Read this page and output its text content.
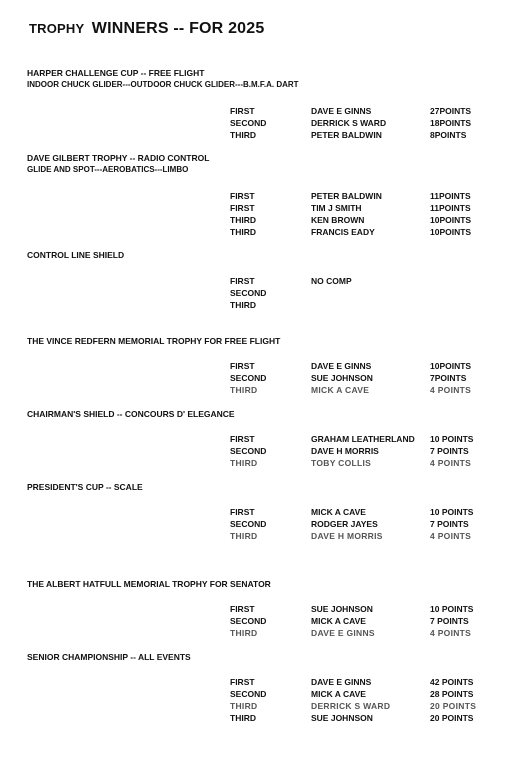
TROPHY WINNERS -- FOR 2025
HARPER CHALLENGE CUP -- FREE FLIGHT
INDOOR CHUCK GLIDER---OUTDOOR CHUCK GLIDER---B.M.F.A. DART
FIRST	DAVE E GINNS	27POINTS
SECOND	DERRICK S WARD	18POINTS
THIRD	PETER BALDWIN	8POINTS
DAVE GILBERT TROPHY -- RADIO CONTROL
GLIDE AND SPOT---AEROBATICS---LIMBO
FIRST	PETER BALDWIN	11POINTS
FIRST	TIM J SMITH	11POINTS
THIRD	KEN BROWN	10POINTS
THIRD	FRANCIS EADY	10POINTS
CONTROL LINE SHIELD
FIRST	NO COMP
SECOND
THIRD
THE VINCE REDFERN MEMORIAL TROPHY FOR FREE FLIGHT
FIRST	DAVE E GINNS	10POINTS
SECOND	SUE JOHNSON	7POINTS
THIRD	MICK A CAVE	4 POINTS
CHAIRMAN'S SHIELD -- CONCOURS D' ELEGANCE
FIRST	GRAHAM LEATHERLAND 10 POINTS
SECOND	DAVE H MORRIS	7 POINTS
THIRD	TOBY COLLIS	4 POINTS
PRESIDENT'S CUP -- SCALE
FIRST	MICK A CAVE	10 POINTS
SECOND	RODGER JAYES	7 POINTS
THIRD	DAVE H MORRIS	4 POINTS
THE ALBERT HATFULL MEMORIAL TROPHY FOR SENATOR
FIRST	SUE JOHNSON	10 POINTS
SECOND	MICK A CAVE	7 POINTS
THIRD	DAVE E GINNS	4 POINTS
SENIOR CHAMPIONSHIP -- ALL EVENTS
FIRST	DAVE E GINNS	42 POINTS
SECOND	MICK A CAVE	28 POINTS
THIRD	DERRICK S WARD	20 POINTS
THIRD	SUE JOHNSON	20 POINTS
